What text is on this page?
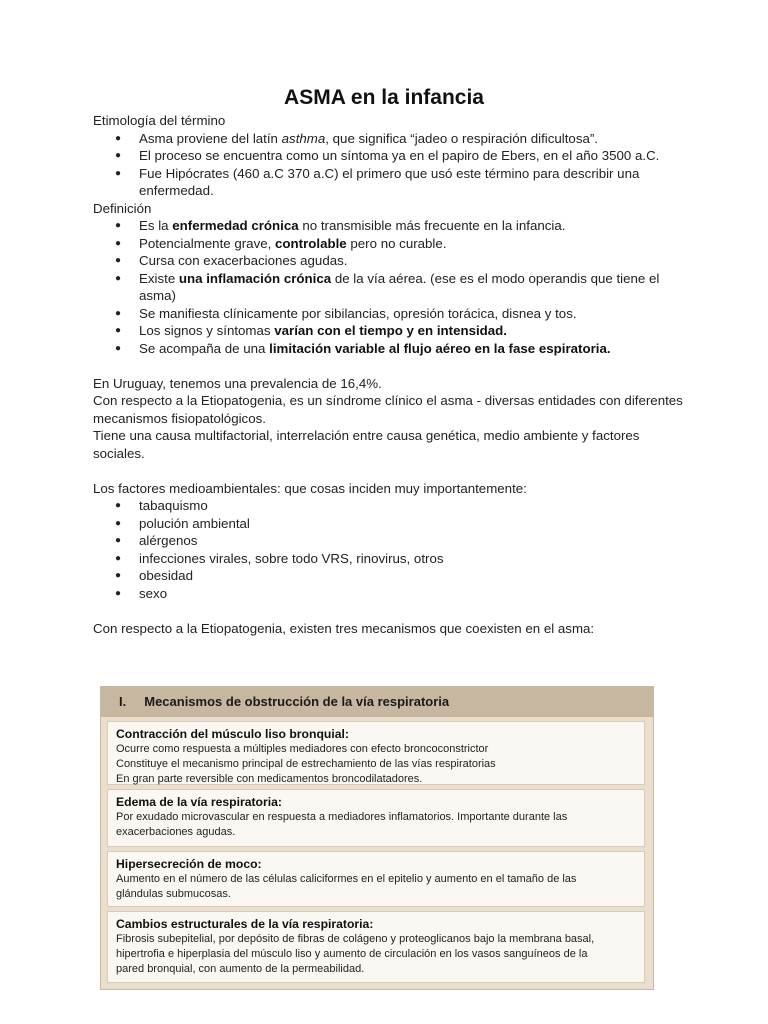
ASMA en la infancia

Etimología del término

● Asma proviene del latín asthma, que significa “jadeo o respiración dificultosa”.
● El proceso se encuentra como un síntoma ya en el papiro de Ebers, en el año 3500 a.C.
● Fue Hipócrates (460 a.C 370 a.C) el primero que usó este término para describir una enfermedad.

Definición

● Es la enfermedad crónica no transmisible más frecuente en la infancia.
● Potencialmente grave, controlable pero no curable.
● Cursa con exacerbaciones agudas.
● Existe una inflamación crónica de la vía aérea. (ese es el modo operandis que tiene el asma)
● Se manifiesta clínicamente por sibilancias, opresión torácica, disnea y tos.
● Los signos y síntomas varían con el tiempo y en intensidad.
● Se acompaña de una limitación variable al flujo aéreo en la fase espiratoria.

En Uruguay, tenemos una prevalencia de 16,4%.

Con respecto a la Etiopatogenia, es un síndrome clínico el asma - diversas entidades con diferentes mecanismos fisiopatológicos.

Tiene una causa multifactorial, interrelación entre causa genética, medio ambiente y factores sociales.

Los factores medioambientales: que cosas inciden muy importantemente:

● tabaquismo
● polución ambiental
● alérgenos
● infecciones virales, sobre todo VRS, rinovirus, otros
● obesidad
● sexo

Con respecto a la Etiopatogenia, existen tres mecanismos que coexisten en el asma:

I. Mecanismos de obstrucción de la vía respiratoria
Contracción del músculo liso bronquial:
Ocurre como respuesta a múltiples mediadores con efecto broncoconstrictor
Constituye el mecanismo principal de estrechamiento de las vías respiratorias
En gran parte reversible con medicamentos broncodilatadores.
Edema de la vía respiratoria:
Por exudado microvascular en respuesta a mediadores inflamatorios. Importante durante las
exacerbaciones agudas.
Hipersecreción de moco:
Aumento en el número de las células caliciformes en el epitelio y aumento en el tamaño de las
glándulas submucosas.
Cambios estructurales de la vía respiratoria:
Fibrosis subepitelial, por depósito de fibras de colágeno y proteoglicanos bajo la membrana basal,
hipertrofia e hiperplasia del músculo liso y aumento de circulación en los vasos sanguíneos de la
pared bronquial, con aumento de la permeabilidad.
